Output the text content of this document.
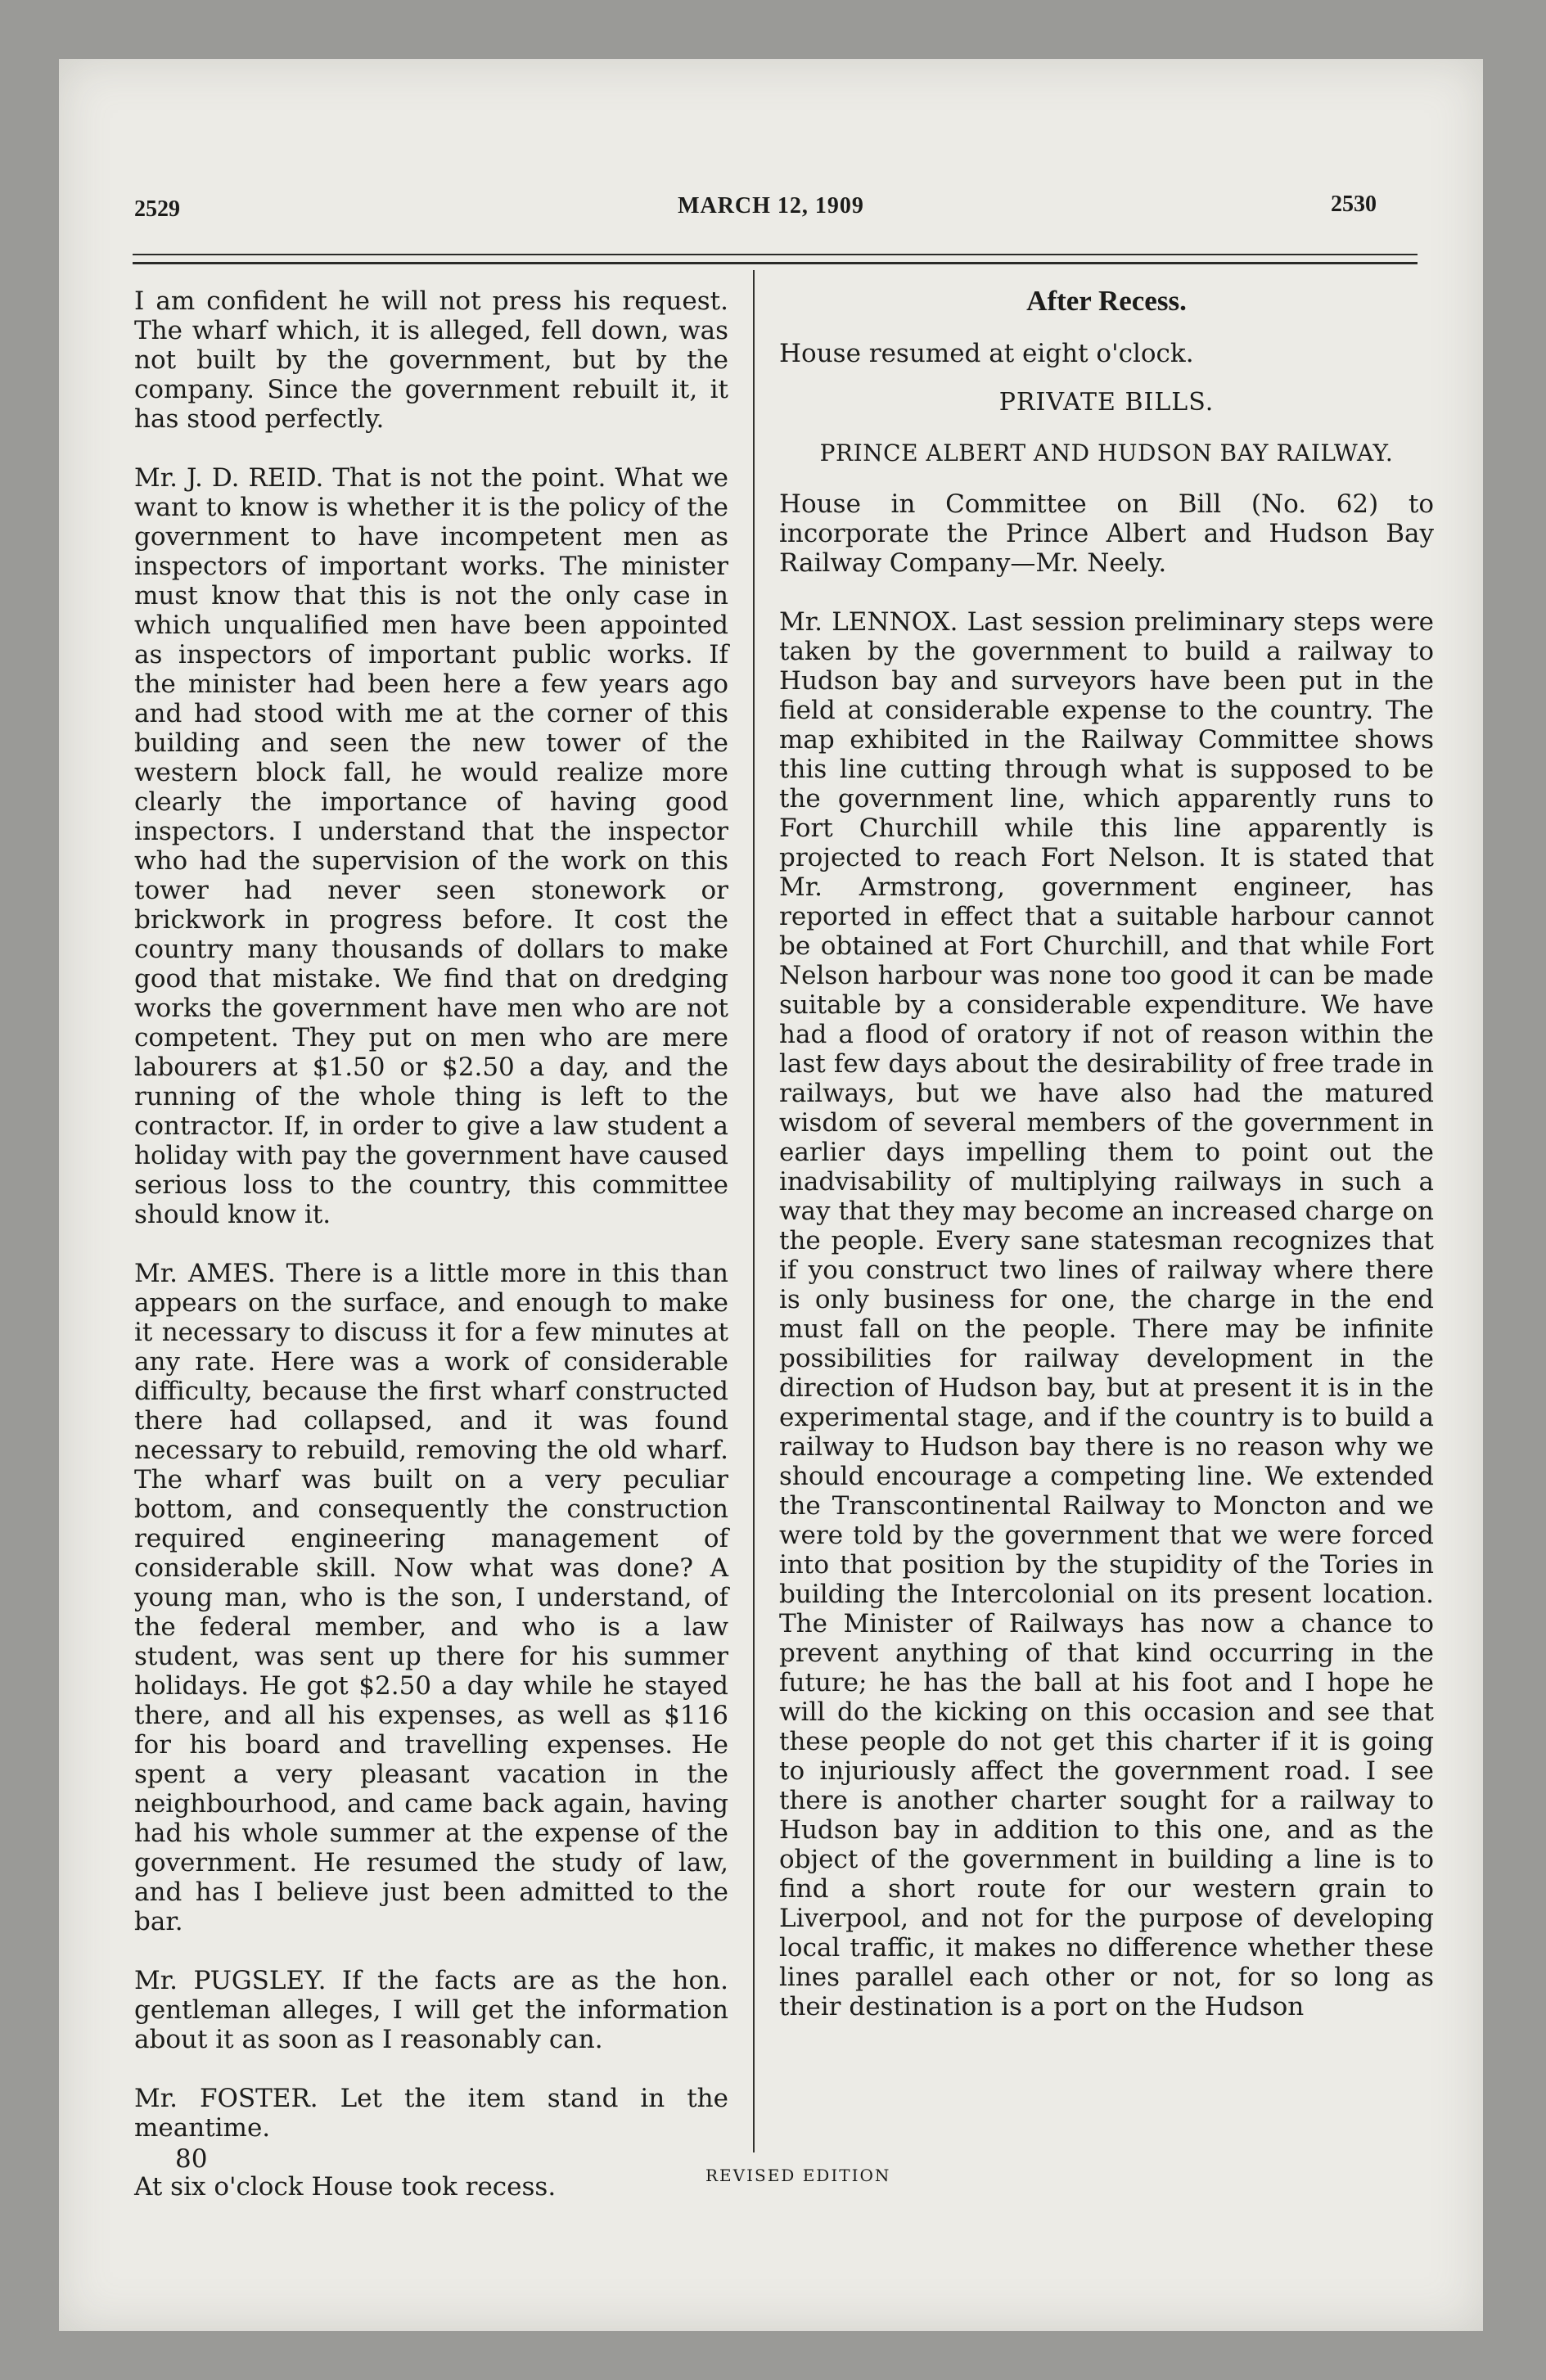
2529	MARCH 12, 1909	2530

I am confident he will not press his request. The wharf which, it is alleged, fell down, was not built by the government, but by the company. Since the government rebuilt it, it has stood perfectly.

Mr. J. D. REID. That is not the point. What we want to know is whether it is the policy of the government to have incompetent men as inspectors of important works. The minister must know that this is not the only case in which unqualified men have been appointed as inspectors of important public works. If the minister had been here a few years ago and had stood with me at the corner of this building and seen the new tower of the western block fall, he would realize more clearly the importance of having good inspectors. I understand that the inspector who had the supervision of the work on this tower had never seen stonework or brickwork in progress before. It cost the country many thousands of dollars to make good that mistake. We find that on dredging works the government have men who are not competent. They put on men who are mere labourers at $1.50 or $2.50 a day, and the running of the whole thing is left to the contractor. If, in order to give a law student a holiday with pay the government have caused serious loss to the country, this committee should know it.

Mr. AMES. There is a little more in this than appears on the surface, and enough to make it necessary to discuss it for a few minutes at any rate. Here was a work of considerable difficulty, because the first wharf constructed there had collapsed, and it was found necessary to rebuild, removing the old wharf. The wharf was built on a very peculiar bottom, and consequently the construction required engineering management of considerable skill. Now what was done? A young man, who is the son, I understand, of the federal member, and who is a law student, was sent up there for his summer holidays. He got $2.50 a day while he stayed there, and all his expenses, as well as $116 for his board and travelling expenses. He spent a very pleasant vacation in the neighbourhood, and came back again, having had his whole summer at the expense of the government. He resumed the study of law, and has I believe just been admitted to the bar.

Mr. PUGSLEY. If the facts are as the hon. gentleman alleges, I will get the information about it as soon as I reasonably can.

Mr. FOSTER. Let the item stand in the meantime.

At six o'clock House took recess.

After Recess.

House resumed at eight o'clock.

PRIVATE BILLS.
PRINCE ALBERT AND HUDSON BAY RAILWAY.

House in Committee on Bill (No. 62) to incorporate the Prince Albert and Hudson Bay Railway Company—Mr. Neely.

Mr. LENNOX. Last session preliminary steps were taken by the government to build a railway to Hudson bay and surveyors have been put in the field at considerable expense to the country. The map exhibited in the Railway Committee shows this line cutting through what is supposed to be the government line, which apparently runs to Fort Churchill while this line apparently is projected to reach Fort Nelson. It is stated that Mr. Armstrong, government engineer, has reported in effect that a suitable harbour cannot be obtained at Fort Churchill, and that while Fort Nelson harbour was none too good it can be made suitable by a considerable expenditure. We have had a flood of oratory if not of reason within the last few days about the desirability of free trade in railways, but we have also had the matured wisdom of several members of the government in earlier days impelling them to point out the inadvisability of multiplying railways in such a way that they may become an increased charge on the people. Every sane statesman recognizes that if you construct two lines of railway where there is only business for one, the charge in the end must fall on the people. There may be infinite possibilities for railway development in the direction of Hudson bay, but at present it is in the experimental stage, and if the country is to build a railway to Hudson bay there is no reason why we should encourage a competing line. We extended the Transcontinental Railway to Moncton and we were told by the government that we were forced into that position by the stupidity of the Tories in building the Intercolonial on its present location. The Minister of Railways has now a chance to prevent anything of that kind occurring in the future; he has the ball at his foot and I hope he will do the kicking on this occasion and see that these people do not get this charter if it is going to injuriously affect the government road. I see there is another charter sought for a railway to Hudson bay in addition to this one, and as the object of the government in building a line is to find a short route for our western grain to Liverpool, and not for the purpose of developing local traffic, it makes no difference whether these lines parallel each other or not, for so long as their destination is a port on the Hudson

80
REVISED EDITION
